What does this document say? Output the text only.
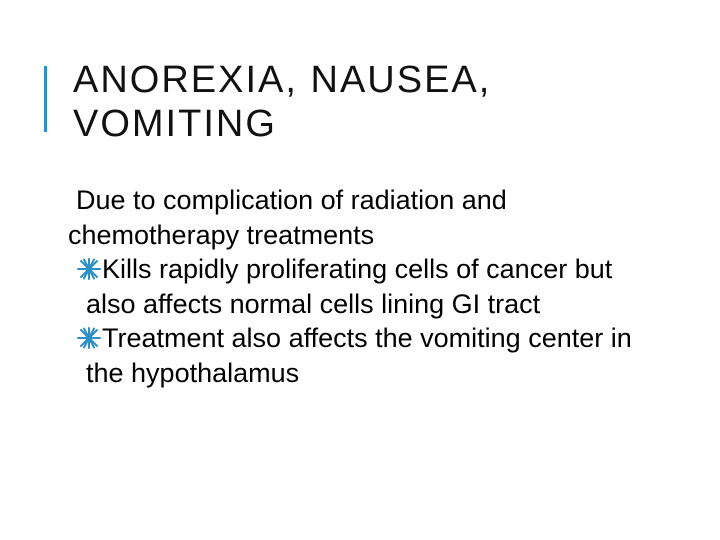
ANOREXIA, NAUSEA, VOMITING

Due to complication of radiation and chemotherapy treatments

Kills rapidly proliferating cells of cancer but also affects normal cells lining GI tract
Treatment also affects the vomiting center in the hypothalamus
